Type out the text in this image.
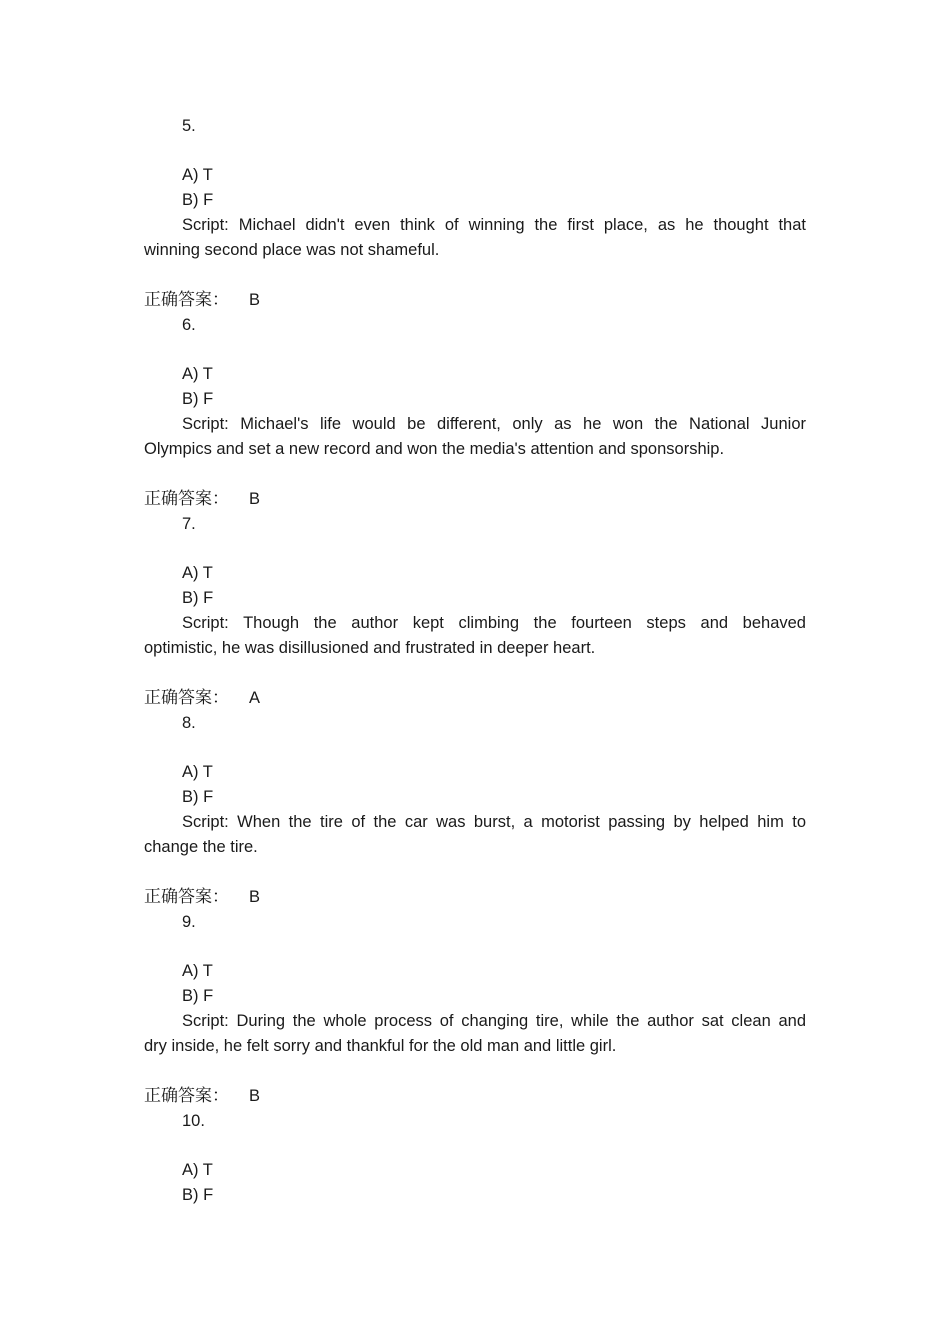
5.
A) T
B) F
Script: Michael didn't even think of winning the first place, as he thought that
winning second place was not shameful.
正确答案： B
6.
A) T
B) F
Script: Michael's life would be different, only as he won the National Junior
Olympics and set a new record and won the media's attention and sponsorship.
正确答案： B
7.
A) T
B) F
Script: Though the author kept climbing the fourteen steps and behaved
optimistic, he was disillusioned and frustrated in deeper heart.
正确答案： A
8.
A) T
B) F
Script: When the tire of the car was burst, a motorist passing by helped him to
change the tire.
正确答案： B
9.
A) T
B) F
Script: During the whole process of changing tire, while the author sat clean and
dry inside, he felt sorry and thankful for the old man and little girl.
正确答案： B
10.
A) T
B) F
